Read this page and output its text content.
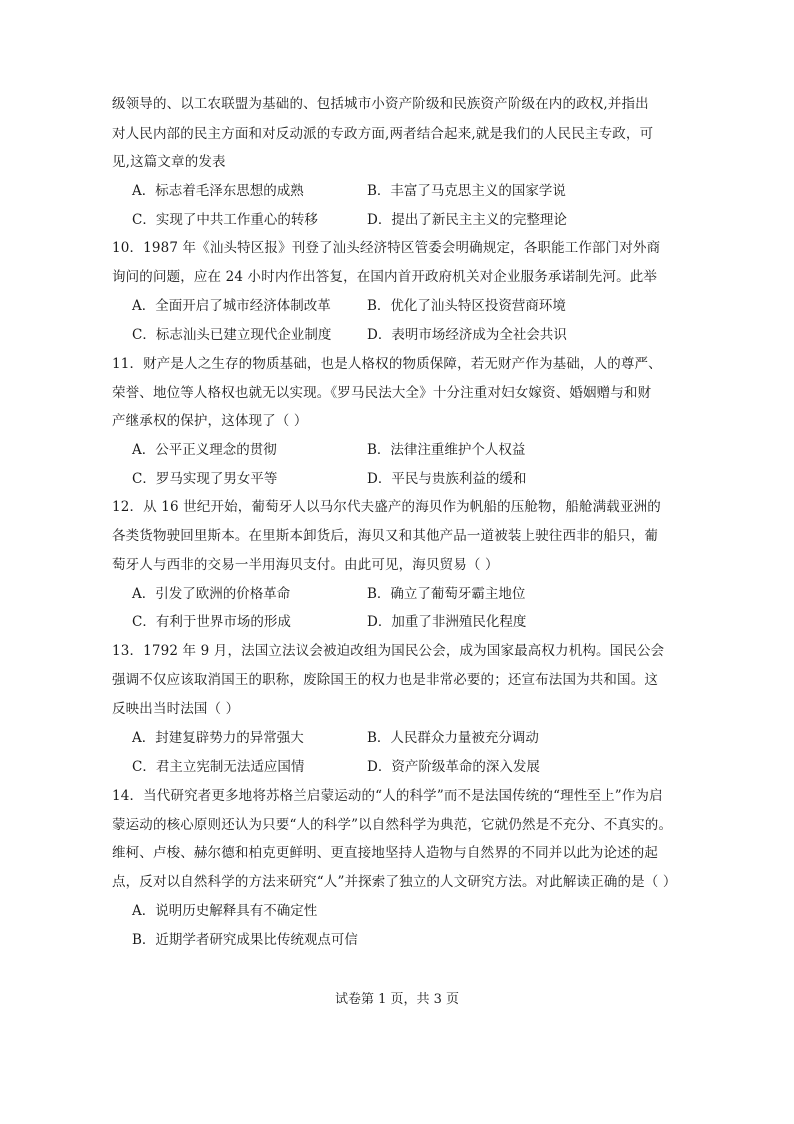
级领导的、以工农联盟为基础的、包括城市小资产阶级和民族资产阶级在内的政权,并指出
对人民内部的民主方面和对反动派的专政方面,两者结合起来,就是我们的人民民主专政，可
见,这篇文章的发表
A．标志着毛泽东思想的成熟	B．丰富了马克思主义的国家学说
C．实现了中共工作重心的转移	D．提出了新民主主义的完整理论
10．1987 年《汕头特区报》刊登了汕头经济特区管委会明确规定，各职能工作部门对外商
询问的问题，应在 24 小时内作出答复，在国内首开政府机关对企业服务承诺制先河。此举
A．全面开启了城市经济体制改革	B．优化了汕头特区投资营商环境
C．标志汕头已建立现代企业制度	D．表明市场经济成为全社会共识
11．财产是人之生存的物质基础，也是人格权的物质保障，若无财产作为基础，人的尊严、
荣誉、地位等人格权也就无以实现。《罗马民法大全》十分注重对妇女嫁资、婚姻赠与和财
产继承权的保护，这体现了（ ）
A．公平正义理念的贯彻	B．法律注重维护个人权益
C．罗马实现了男女平等	D．平民与贵族利益的缓和
12．从 16 世纪开始，葡萄牙人以马尔代夫盛产的海贝作为帆船的压舱物，船舱满载亚洲的
各类货物驶回里斯本。在里斯本卸货后，海贝又和其他产品一道被装上驶往西非的船只，葡
萄牙人与西非的交易一半用海贝支付。由此可见，海贝贸易（ ）
A．引发了欧洲的价格革命	B．确立了葡萄牙霸主地位
C．有利于世界市场的形成	D．加重了非洲殖民化程度
13．1792 年 9 月，法国立法议会被迫改组为国民公会，成为国家最高权力机构。国民公会
强调不仅应该取消国王的职称，废除国王的权力也是非常必要的；还宣布法国为共和国。这
反映出当时法国（ ）
A．封建复辟势力的异常强大	B．人民群众力量被充分调动
C．君主立宪制无法适应国情	D．资产阶级革命的深入发展
14．当代研究者更多地将苏格兰启蒙运动的“人的科学”而不是法国传统的“理性至上”作为启
蒙运动的核心原则还认为只要“人的科学”以自然科学为典范，它就仍然是不充分、不真实的。
维柯、卢梭、赫尔德和柏克更鲜明、更直接地坚持人造物与自然界的不同并以此为论述的起
点，反对以自然科学的方法来研究“人”并探索了独立的人文研究方法。对此解读正确的是（ ）
A．说明历史解释具有不确定性
B．近期学者研究成果比传统观点可信
试卷第 1 页，共 3 页
